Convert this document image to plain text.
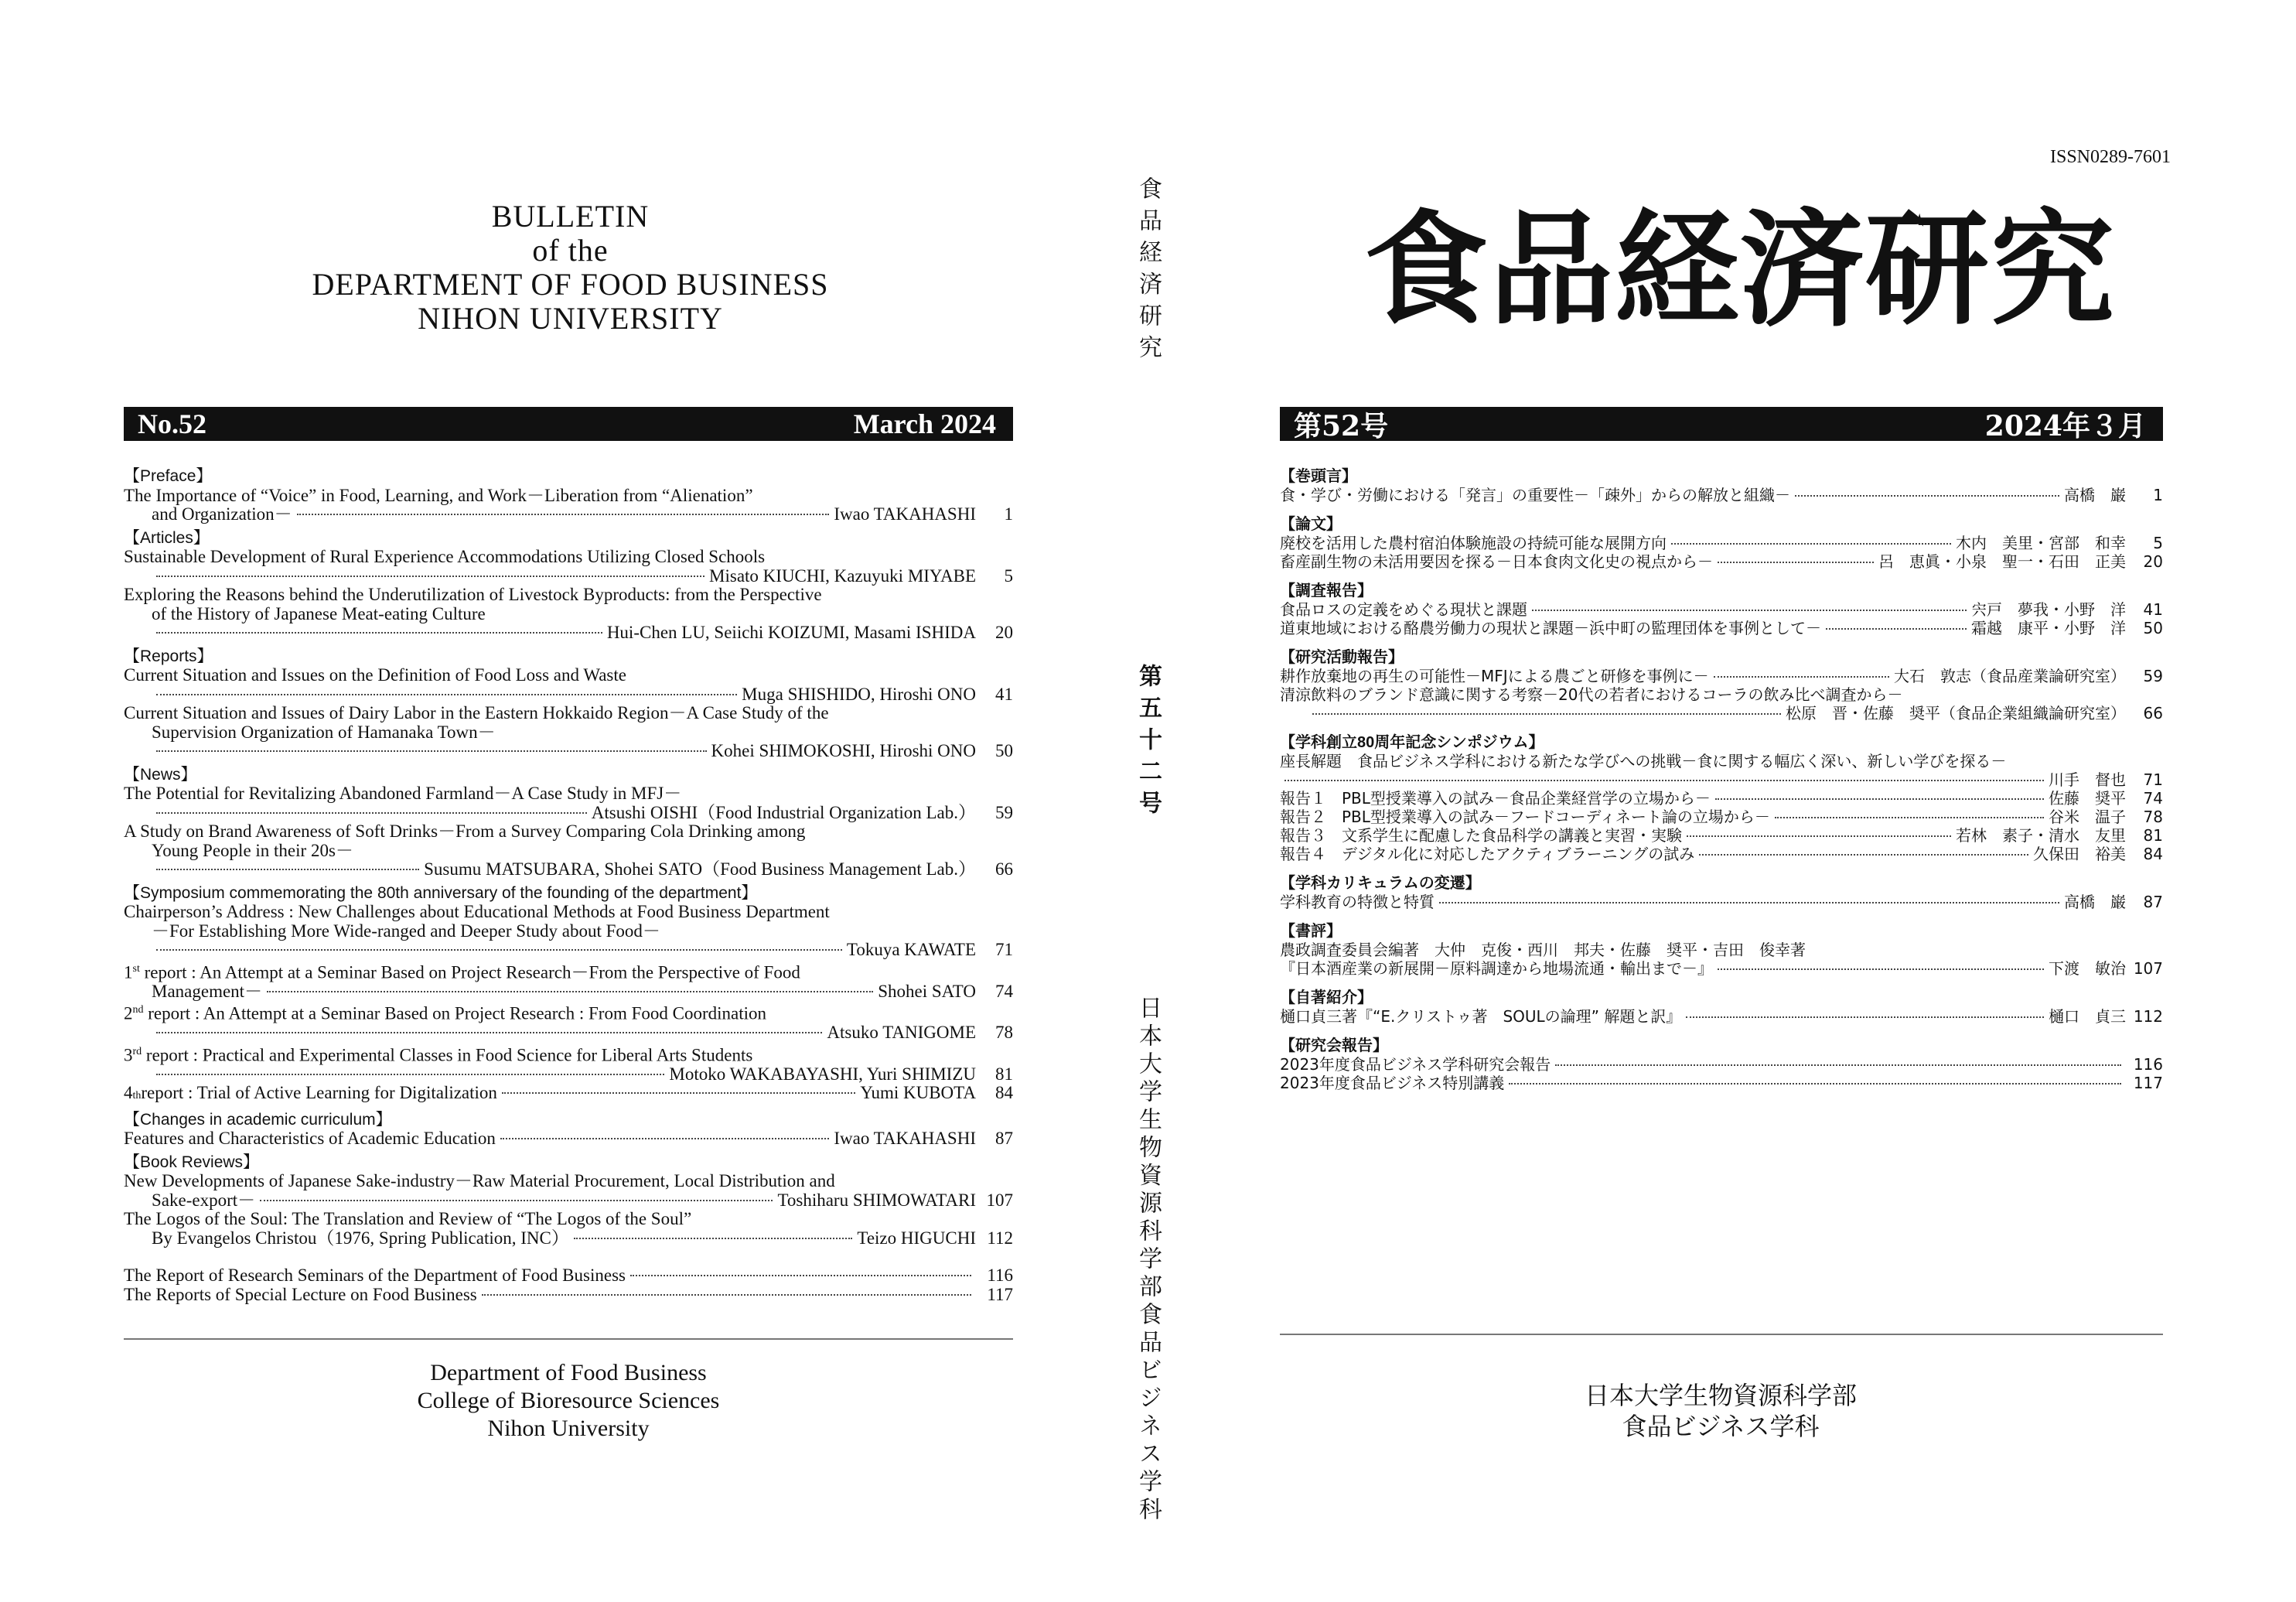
BULLETIN
of the
DEPARTMENT OF FOOD BUSINESS
NIHON UNIVERSITY
No.52	March 2024
【Preface】
The Importance of “Voice” in Food, Learning, and Work－Liberation from “Alienation”
and Organization－	Iwao TAKAHASHI	1
【Articles】
Sustainable Development of Rural Experience Accommodations Utilizing Closed Schools
Misato KIUCHI, Kazuyuki MIYABE	5
Exploring the Reasons behind the Underutilization of Livestock Byproducts: from the Perspective
of the History of Japanese Meat-eating Culture
Hui-Chen LU, Seiichi KOIZUMI, Masami ISHIDA	20
【Reports】
Current Situation and Issues on the Definition of Food Loss and Waste
Muga SHISHIDO, Hiroshi ONO	41
Current Situation and Issues of Dairy Labor in the Eastern Hokkaido Region－A Case Study of the
Supervision Organization of Hamanaka Town－
Kohei SHIMOKOSHI, Hiroshi ONO	50
【News】
The Potential for Revitalizing Abandoned Farmland－A Case Study in MFJ－
Atsushi OISHI（Food Industrial Organization Lab.）	59
A Study on Brand Awareness of Soft Drinks－From a Survey Comparing Cola Drinking among
Young People in their 20s－
Susumu MATSUBARA, Shohei SATO（Food Business Management Lab.）	66
【Symposium commemorating the 80th anniversary of the founding of the department】
Chairperson’s Address : New Challenges about Educational Methods at Food Business Department
－For Establishing More Wide-ranged and Deeper Study about Food－
Tokuya KAWATE	71
1st report : An Attempt at a Seminar Based on Project Research－From the Perspective of Food
Management－	Shohei SATO	74
2nd report : An Attempt at a Seminar Based on Project Research : From Food Coordination
Atsuko TANIGOME	78
3rd report : Practical and Experimental Classes in Food Science for Liberal Arts Students
Motoko WAKABAYASHI, Yuri SHIMIZU	81
4 th report : Trial of Active Learning for Digitalization	Yumi KUBOTA	84
【Changes in academic curriculum】
Features and Characteristics of Academic Education	Iwao TAKAHASHI	87
【Book Reviews】
New Developments of Japanese Sake-industry－Raw Material Procurement, Local Distribution and
Sake-export－	Toshiharu SHIMOWATARI 107
The Logos of the Soul: The Translation and Review of “The Logos of the Soul”
By Evangelos Christou（1976, Spring Publication, INC）	Teizo HIGUCHI 112
The Report of Research Seminars of the Department of Food Business	116
The Reports of Special Lecture on Food Business	117
Department of Food Business
College of Bioresource Sciences
Nihon University
食品経済研究
第五十二号
日本大学生物資源科学部食品ビジネス学科
ISSN0289-7601
食品経済研究
第52号	2024年３月
【巻頭言】
食・学び・労働における「発言」の重要性－「疎外」からの解放と組織－	高橋　巌	1
【論文】
廃校を活用した農村宿泊体験施設の持続可能な展開方向	木内　美里・宮部　和幸	5
畜産副生物の未活用要因を探る－日本食肉文化史の視点から－	呂　恵眞・小泉　聖一・石田　正美	20
【調査報告】
食品ロスの定義をめぐる現状と課題	宍戸　夢我・小野　洋	41
道東地域における酪農労働力の現状と課題－浜中町の監理団体を事例として－	霜越　康平・小野　洋	50
【研究活動報告】
耕作放棄地の再生の可能性－MFJによる農ごと研修を事例に－	大石　敦志（食品産業論研究室）	59
清涼飲料のブランド意識に関する考察－20代の若者におけるコーラの飲み比べ調査から－
松原　晋・佐藤　奨平（食品企業組織論研究室）	66
【学科創立80周年記念シンポジウム】
座長解題　食品ビジネス学科における新たな学びへの挑戦－食に関する幅広く深い、新しい学びを探る－
川手　督也	71
報告１　PBL型授業導入の試み－食品企業経営学の立場から－	佐藤　奨平	74
報告２　PBL型授業導入の試み－フードコーディネート論の立場から－	谷米　温子	78
報告３　文系学生に配慮した食品科学の講義と実習・実験	若林　素子・清水　友里	81
報告４　デジタル化に対応したアクティブラーニングの試み	久保田　裕美	84
【学科カリキュラムの変遷】
学科教育の特徴と特質	高橋　巌	87
【書評】
農政調査委員会編著　大仲　克俊・西川　邦夫・佐藤　奨平・吉田　俊幸著
『日本酒産業の新展開－原料調達から地場流通・輸出まで－』	下渡　敏治 107
【自著紹介】
樋口貞三著『“E.クリストゥ著　SOULの論理” 解題と訳』	樋口　貞三 112
【研究会報告】
2023年度食品ビジネス学科研究会報告	116
2023年度食品ビジネス特別講義	117
日本大学生物資源科学部
食品ビジネス学科
